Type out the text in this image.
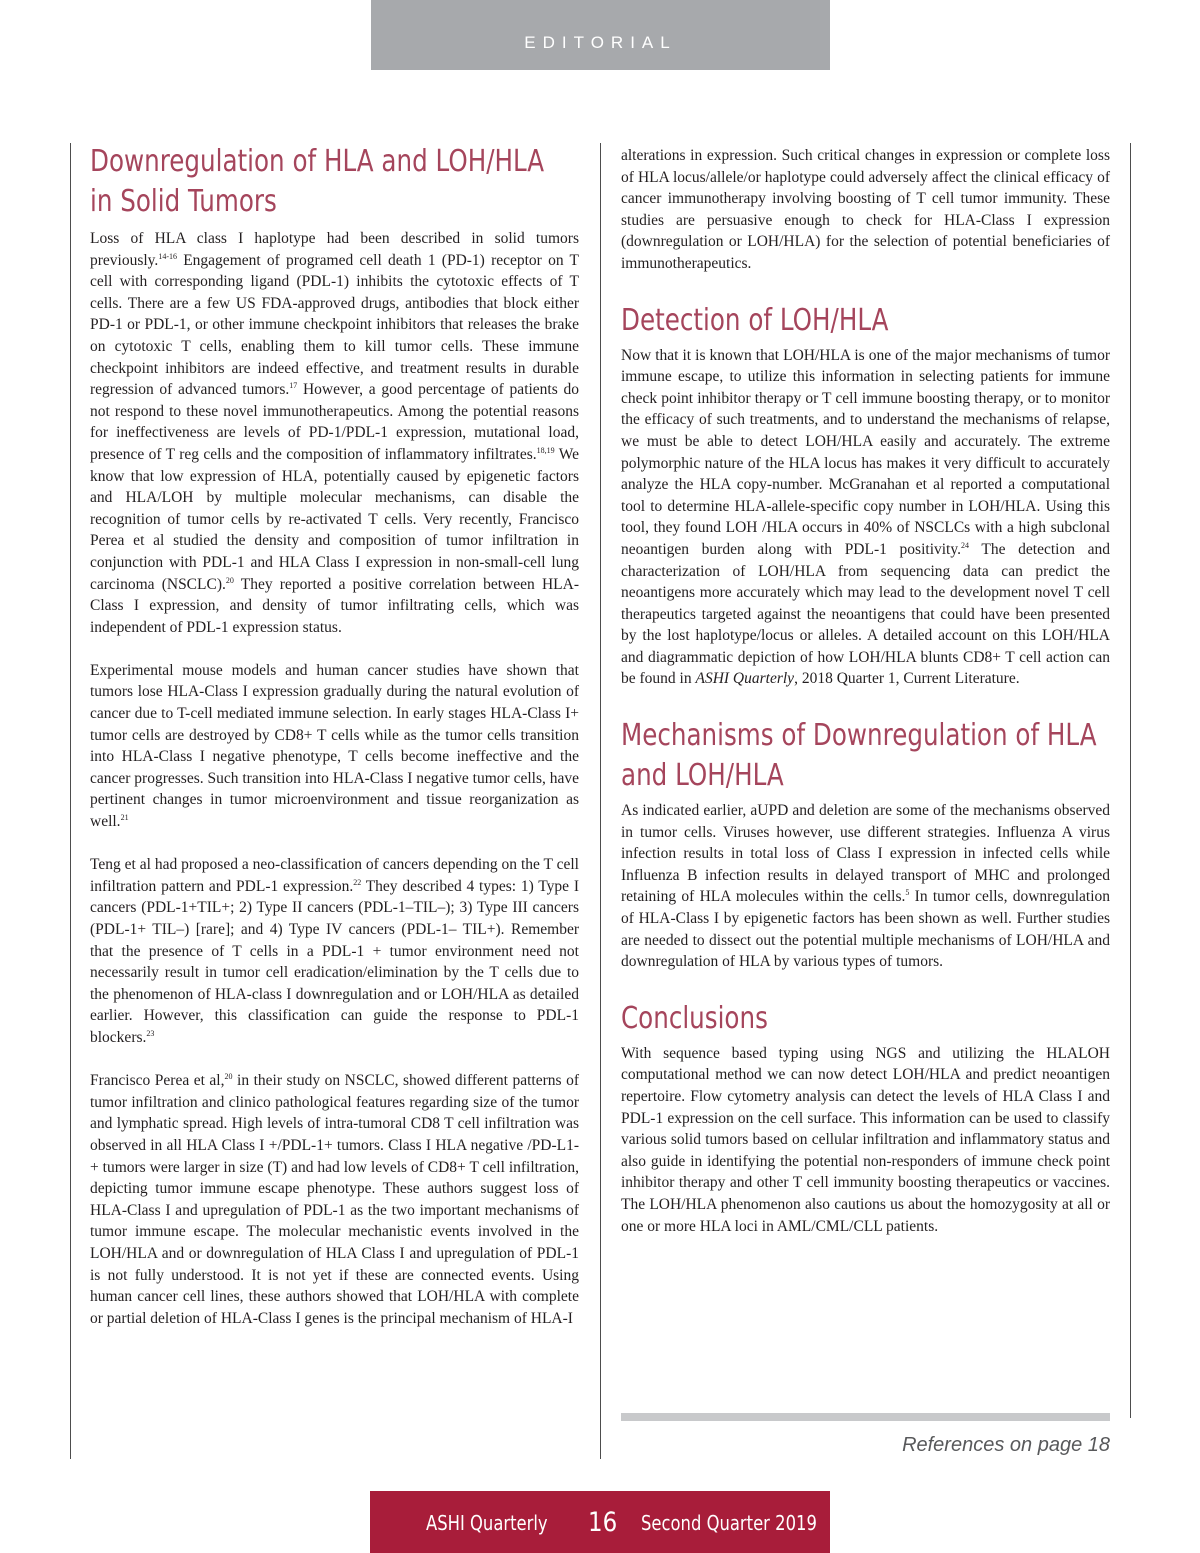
EDITORIAL
Downregulation of HLA and LOH/HLA
in Solid Tumors

Loss of HLA class I haplotype had been described in solid tumors previously.$^{14-16}$ Engagement of programed cell death 1 (PD-1) receptor on T cell with corresponding ligand (PDL-1) inhibits the cytotoxic effects of T cells. There are a few US FDA-approved drugs, antibodies that block either PD-1 or PDL-1, or other immune checkpoint inhibitors that releases the brake on cytotoxic T cells, enabling them to kill tumor cells. These immune checkpoint inhibitors are indeed effective, and treatment results in durable regression of advanced tumors.$^{17}$ However, a good percentage of patients do not respond to these novel immunotherapeutics. Among the potential reasons for ineffectiveness are levels of PD-1/PDL-1 expression, mutational load, presence of T reg cells and the composition of inflammatory infiltrates.$^{18,19}$ We know that low expression of HLA, potentially caused by epigenetic factors and HLA/LOH by multiple molecular mechanisms, can disable the recognition of tumor cells by re-activated T cells. Very recently, Francisco Perea et al studied the density and composition of tumor infiltration in conjunction with PDL-1 and HLA Class I expression in non-small-cell lung carcinoma (NSCLC).$^{20}$ They reported a positive correlation between HLA-Class I expression, and density of tumor infiltrating cells, which was independent of PDL-1 expression status.

Experimental mouse models and human cancer studies have shown that tumors lose HLA-Class I expression gradually during the natural evolution of cancer due to T-cell mediated immune selection. In early stages HLA-Class I+ tumor cells are destroyed by CD8+ T cells while as the tumor cells transition into HLA-Class I negative phenotype, T cells become ineffective and the cancer progresses. Such transition into HLA-Class I negative tumor cells, have pertinent changes in tumor microenvironment and tissue reorganization as well.$^{21}$

Teng et al had proposed a neo-classification of cancers depending on the T cell infiltration pattern and PDL-1 expression.$^{22}$ They described 4 types: 1) Type I cancers (PDL-1+TIL+; 2) Type II cancers (PDL-1–TIL–); 3) Type III cancers (PDL-1+ TIL–) [rare]; and 4) Type IV cancers (PDL-1– TIL+). Remember that the presence of T cells in a PDL-1 + tumor environment need not necessarily result in tumor cell eradication/elimination by the T cells due to the phenomenon of HLA-class I downregulation and or LOH/HLA as detailed earlier. However, this classification can guide the response to PDL-1 blockers.$^{23}$

Francisco Perea et al,$^{20}$ in their study on NSCLC, showed different patterns of tumor infiltration and clinico pathological features regarding size of the tumor and lymphatic spread. High levels of intra-tumoral CD8 T cell infiltration was observed in all HLA Class I +/PDL-1+ tumors. Class I HLA negative /PD-L1- + tumors were larger in size (T) and had low levels of CD8+ T cell infiltration, depicting tumor immune escape phenotype. These authors suggest loss of HLA-Class I and upregulation of PDL-1 as the two important mechanisms of tumor immune escape. The molecular mechanistic events involved in the LOH/HLA and or downregulation of HLA Class I and upregulation of PDL-1 is not fully understood. It is not yet if these are connected events. Using human cancer cell lines, these authors showed that LOH/HLA with complete or partial deletion of HLA-Class I genes is the principal mechanism of HLA-I

alterations in expression. Such critical changes in expression or complete loss of HLA locus/allele/or haplotype could adversely affect the clinical efficacy of cancer immunotherapy involving boosting of T cell tumor immunity. These studies are persuasive enough to check for HLA-Class I expression (downregulation or LOH/HLA) for the selection of potential beneficiaries of immunotherapeutics.

Detection of LOH/HLA

Now that it is known that LOH/HLA is one of the major mechanisms of tumor immune escape, to utilize this information in selecting patients for immune check point inhibitor therapy or T cell immune boosting therapy, or to monitor the efficacy of such treatments, and to understand the mechanisms of relapse, we must be able to detect LOH/HLA easily and accurately. The extreme polymorphic nature of the HLA locus has makes it very difficult to accurately analyze the HLA copy-number. McGranahan et al reported a computational tool to determine HLA-allele-specific copy number in LOH/HLA. Using this tool, they found LOH /HLA occurs in 40% of NSCLCs with a high subclonal neoantigen burden along with PDL-1 positivity.$^{24}$ The detection and characterization of LOH/HLA from sequencing data can predict the neoantigens more accurately which may lead to the development novel T cell therapeutics targeted against the neoantigens that could have been presented by the lost haplotype/locus or alleles. A detailed account on this LOH/HLA and diagrammatic depiction of how LOH/HLA blunts CD8+ T cell action can be found in ASHI Quarterly, 2018 Quarter 1, Current Literature.

Mechanisms of Downregulation of HLA
and LOH/HLA

As indicated earlier, aUPD and deletion are some of the mechanisms observed in tumor cells. Viruses however, use different strategies. Influenza A virus infection results in total loss of Class I expression in infected cells while Influenza B infection results in delayed transport of MHC and prolonged retaining of HLA molecules within the cells.$^5$ In tumor cells, downregulation of HLA-Class I by epigenetic factors has been shown as well. Further studies are needed to dissect out the potential multiple mechanisms of LOH/HLA and downregulation of HLA by various types of tumors.

Conclusions

With sequence based typing using NGS and utilizing the HLALOH computational method we can now detect LOH/HLA and predict neoantigen repertoire. Flow cytometry analysis can detect the levels of HLA Class I and PDL-1 expression on the cell surface. This information can be used to classify various solid tumors based on cellular infiltration and inflammatory status and also guide in identifying the potential non-responders of immune check point inhibitor therapy and other T cell immunity boosting therapeutics or vaccines. The LOH/HLA phenomenon also cautions us about the homozygosity at all or one or more HLA loci in AML/CML/CLL patients.

References on page 18
ASHI Quarterly 16 Second Quarter 2019
